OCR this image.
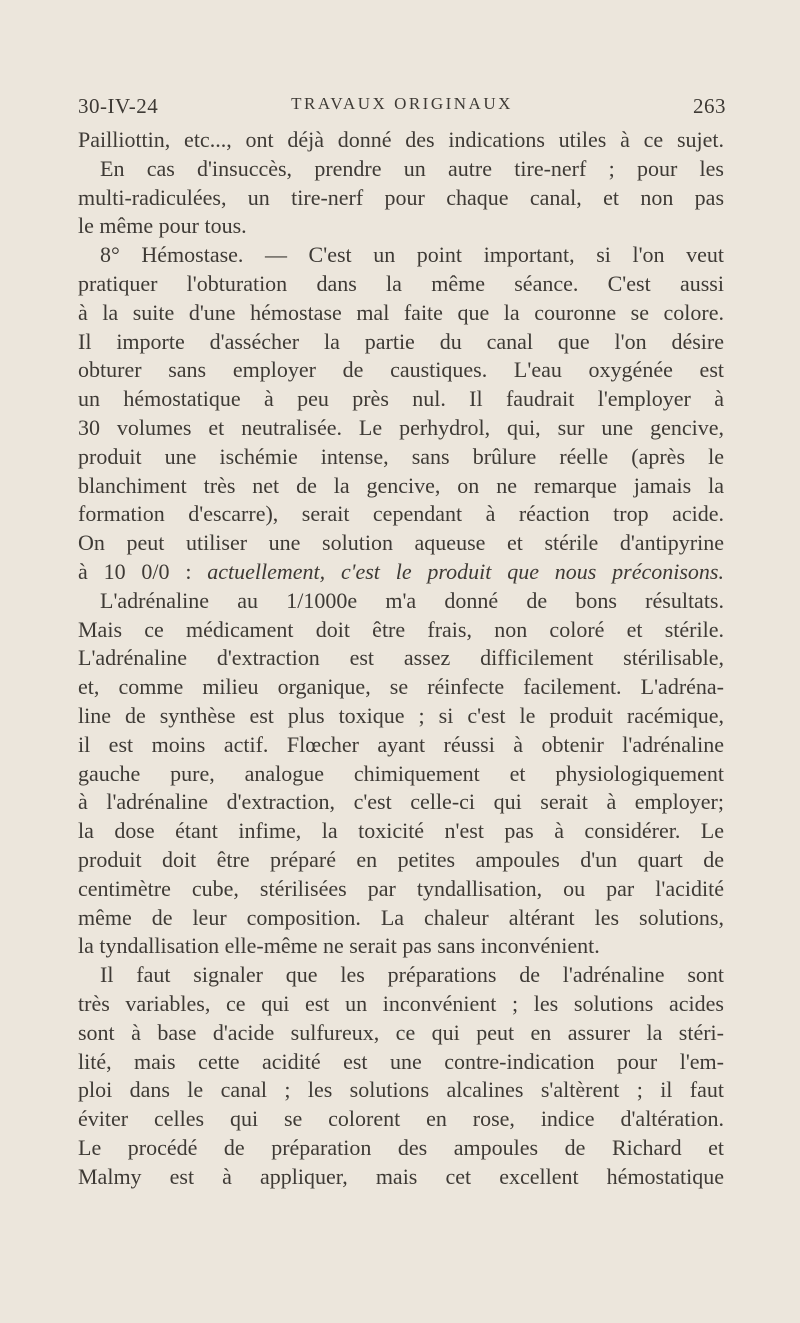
30-IV-24	TRAVAUX ORIGINAUX	263
Pailliottin, etc..., ont déjà donné des indications utiles à ce sujet.
En cas d'insuccès, prendre un autre tire-nerf ; pour les
multi-radiculées, un tire-nerf pour chaque canal, et non pas
le même pour tous.
8° Hémostase. — C'est un point important, si l'on veut
pratiquer l'obturation dans la même séance. C'est aussi
à la suite d'une hémostase mal faite que la couronne se colore.
Il importe d'assécher la partie du canal que l'on désire
obturer sans employer de caustiques. L'eau oxygénée est
un hémostatique à peu près nul. Il faudrait l'employer à
30 volumes et neutralisée. Le perhydrol, qui, sur une gencive,
produit une ischémie intense, sans brûlure réelle (après le
blanchiment très net de la gencive, on ne remarque jamais la
formation d'escarre), serait cependant à réaction trop acide.
On peut utiliser une solution aqueuse et stérile d'antipyrine
à 10 0/0 : actuellement, c'est le produit que nous préconisons.
L'adrénaline au 1/1000e m'a donné de bons résultats.
Mais ce médicament doit être frais, non coloré et stérile.
L'adrénaline d'extraction est assez difficilement stérilisable,
et, comme milieu organique, se réinfecte facilement. L'adréna-
line de synthèse est plus toxique ; si c'est le produit racémique,
il est moins actif. Flœcher ayant réussi à obtenir l'adrénaline
gauche pure, analogue chimiquement et physiologiquement
à l'adrénaline d'extraction, c'est celle-ci qui serait à employer;
la dose étant infime, la toxicité n'est pas à considérer. Le
produit doit être préparé en petites ampoules d'un quart de
centimètre cube, stérilisées par tyndallisation, ou par l'acidité
même de leur composition. La chaleur altérant les solutions,
la tyndallisation elle-même ne serait pas sans inconvénient.
Il faut signaler que les préparations de l'adrénaline sont
très variables, ce qui est un inconvénient ; les solutions acides
sont à base d'acide sulfureux, ce qui peut en assurer la stéri-
lité, mais cette acidité est une contre-indication pour l'em-
ploi dans le canal ; les solutions alcalines s'altèrent ; il faut
éviter celles qui se colorent en rose, indice d'altération.
Le procédé de préparation des ampoules de Richard et
Malmy est à appliquer, mais cet excellent hémostatique
